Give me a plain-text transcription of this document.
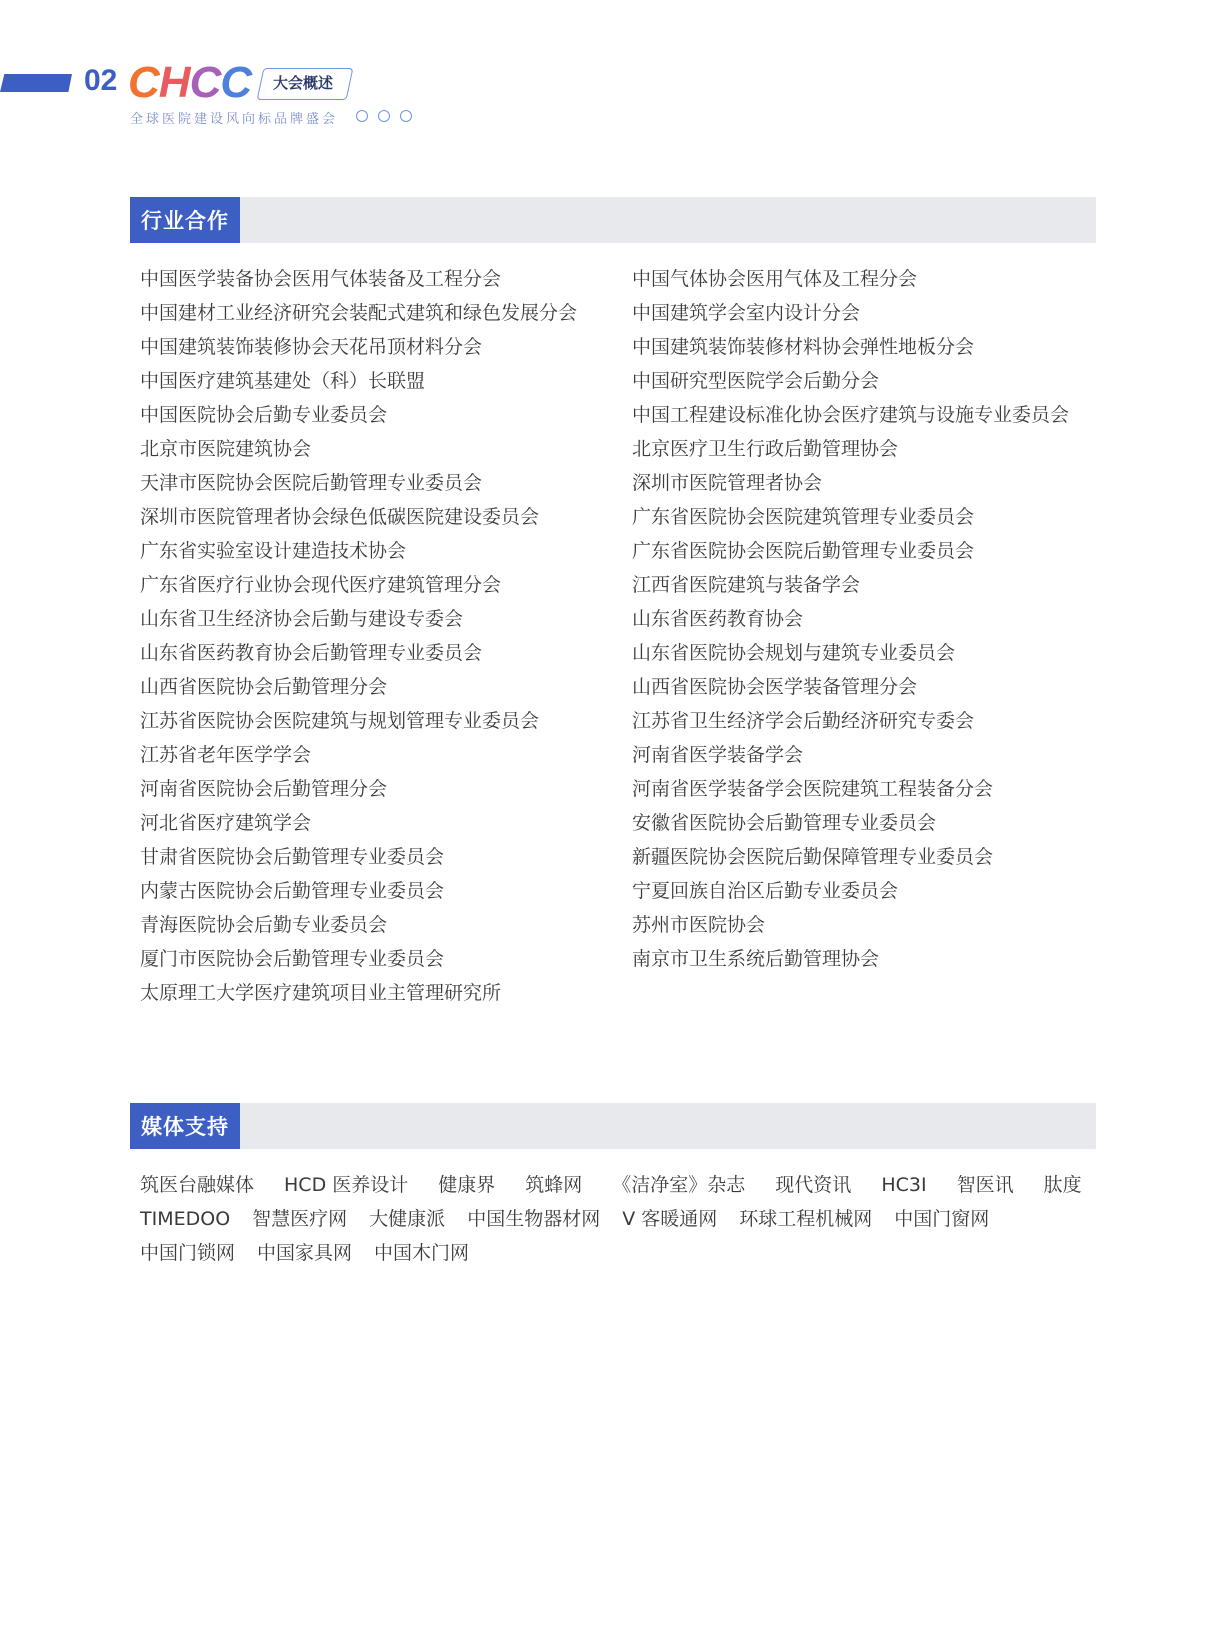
02 CHCC 大会概述
全球医院建设风向标品牌盛会
行业合作
中国医学装备协会医用气体装备及工程分会
中国建材工业经济研究会装配式建筑和绿色发展分会
中国建筑装饰装修协会天花吊顶材料分会
中国医疗建筑基建处（科）长联盟
中国医院协会后勤专业委员会
北京市医院建筑协会
天津市医院协会医院后勤管理专业委员会
深圳市医院管理者协会绿色低碳医院建设委员会
广东省实验室设计建造技术协会
广东省医疗行业协会现代医疗建筑管理分会
山东省卫生经济协会后勤与建设专委会
山东省医药教育协会后勤管理专业委员会
山西省医院协会后勤管理分会
江苏省医院协会医院建筑与规划管理专业委员会
江苏省老年医学学会
河南省医院协会后勤管理分会
河北省医疗建筑学会
甘肃省医院协会后勤管理专业委员会
内蒙古医院协会后勤管理专业委员会
青海医院协会后勤专业委员会
厦门市医院协会后勤管理专业委员会
太原理工大学医疗建筑项目业主管理研究所
中国气体协会医用气体及工程分会
中国建筑学会室内设计分会
中国建筑装饰装修材料协会弹性地板分会
中国研究型医院学会后勤分会
中国工程建设标准化协会医疗建筑与设施专业委员会
北京医疗卫生行政后勤管理协会
深圳市医院管理者协会
广东省医院协会医院建筑管理专业委员会
广东省医院协会医院后勤管理专业委员会
江西省医院建筑与装备学会
山东省医药教育协会
山东省医院协会规划与建筑专业委员会
山西省医院协会医学装备管理分会
江苏省卫生经济学会后勤经济研究专委会
河南省医学装备学会
河南省医学装备学会医院建筑工程装备分会
安徽省医院协会后勤管理专业委员会
新疆医院协会医院后勤保障管理专业委员会
宁夏回族自治区后勤专业委员会
苏州市医院协会
南京市卫生系统后勤管理协会
媒体支持
筑医台融媒体 HCD 医养设计 健康界 筑蜂网 《洁净室》杂志 现代资讯 HC3I 智医讯 肽度
TIMEDOO 智慧医疗网 大健康派 中国生物器材网 V 客暖通网 环球工程机械网 中国门窗网
中国门锁网 中国家具网 中国木门网
